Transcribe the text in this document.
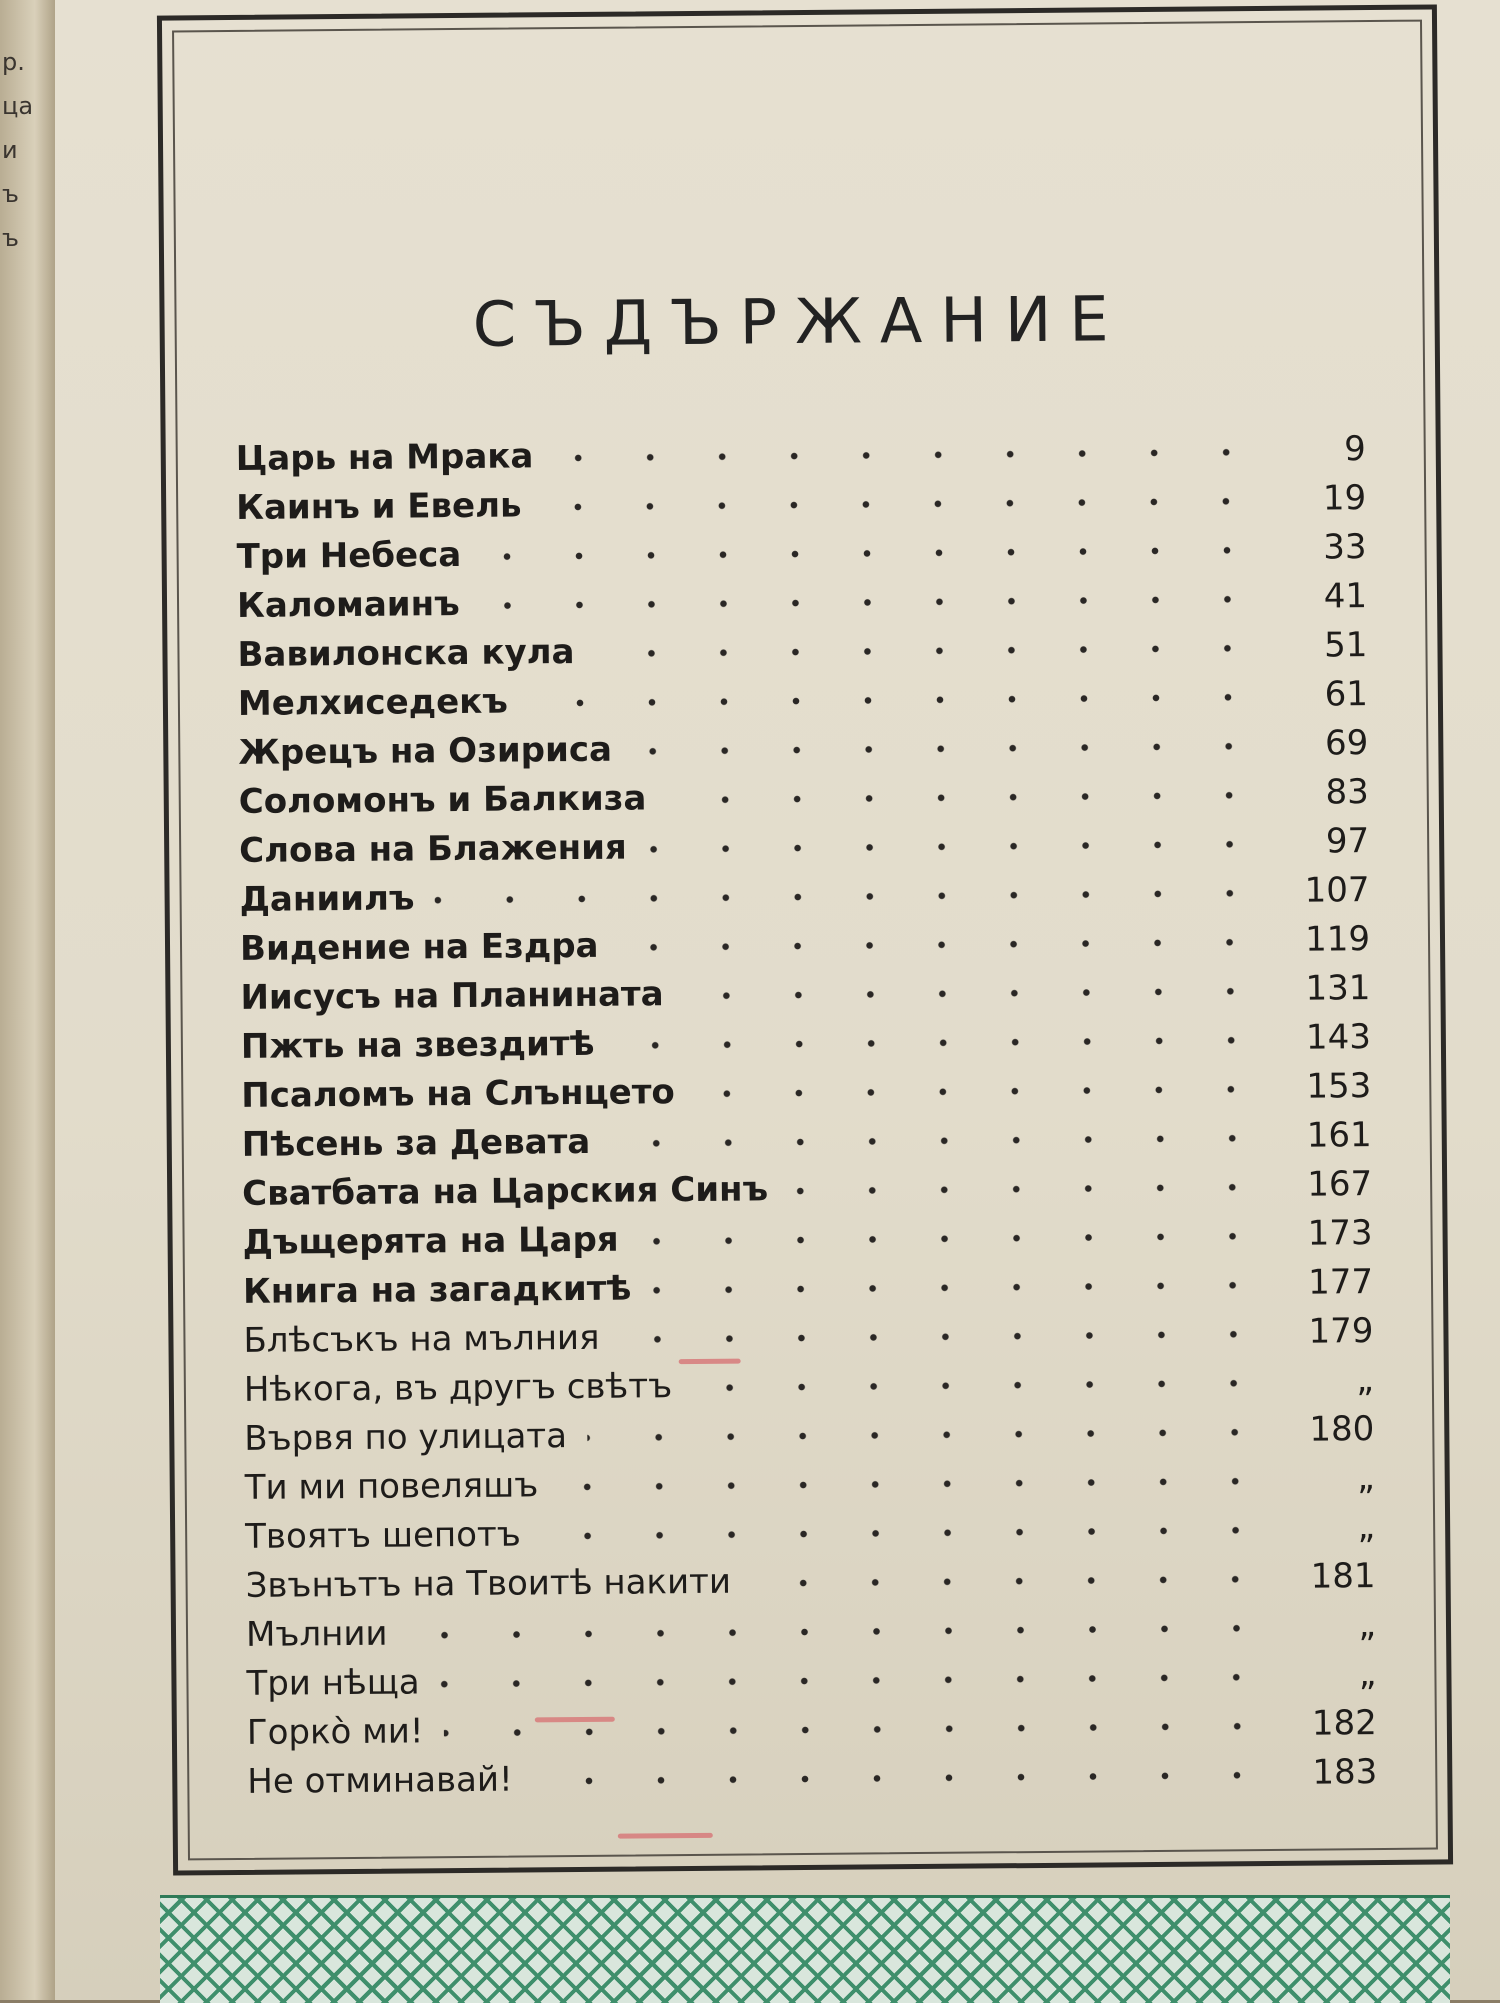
р.
ца
и
ъ
ъ
СЪДЪРЖАНИЕ
Царь на Мрака	9
Каинъ и Евель	19
Три Небеса	33
Каломаинъ	41
Вавилонска кула	51
Мелхиседекъ	61
Жрецъ на Озириса	69
Соломонъ и Балкиза	83
Слова на Блажения	97
Даниилъ	107
Видение на Ездра	119
Иисусъ на Планината	131
Пжть на звездитѣ	143
Псаломъ на Слънцето	153
Пѣсень за Девата	161
Сватбата на Царския Синъ	167
Дъщерята на Царя	173
Книга на загадкитѣ	177
Блѣсъкъ на мълния	179
Нѣкога, въ другъ свѣтъ	„
Вървя по улицата	180
Ти ми повеляшъ	„
Твоятъ шепотъ	„
Звънътъ на Твоитѣ накити	181
Мълнии	„
Три нѣща	„
Горкò ми!	182
Не отминавай!	183
